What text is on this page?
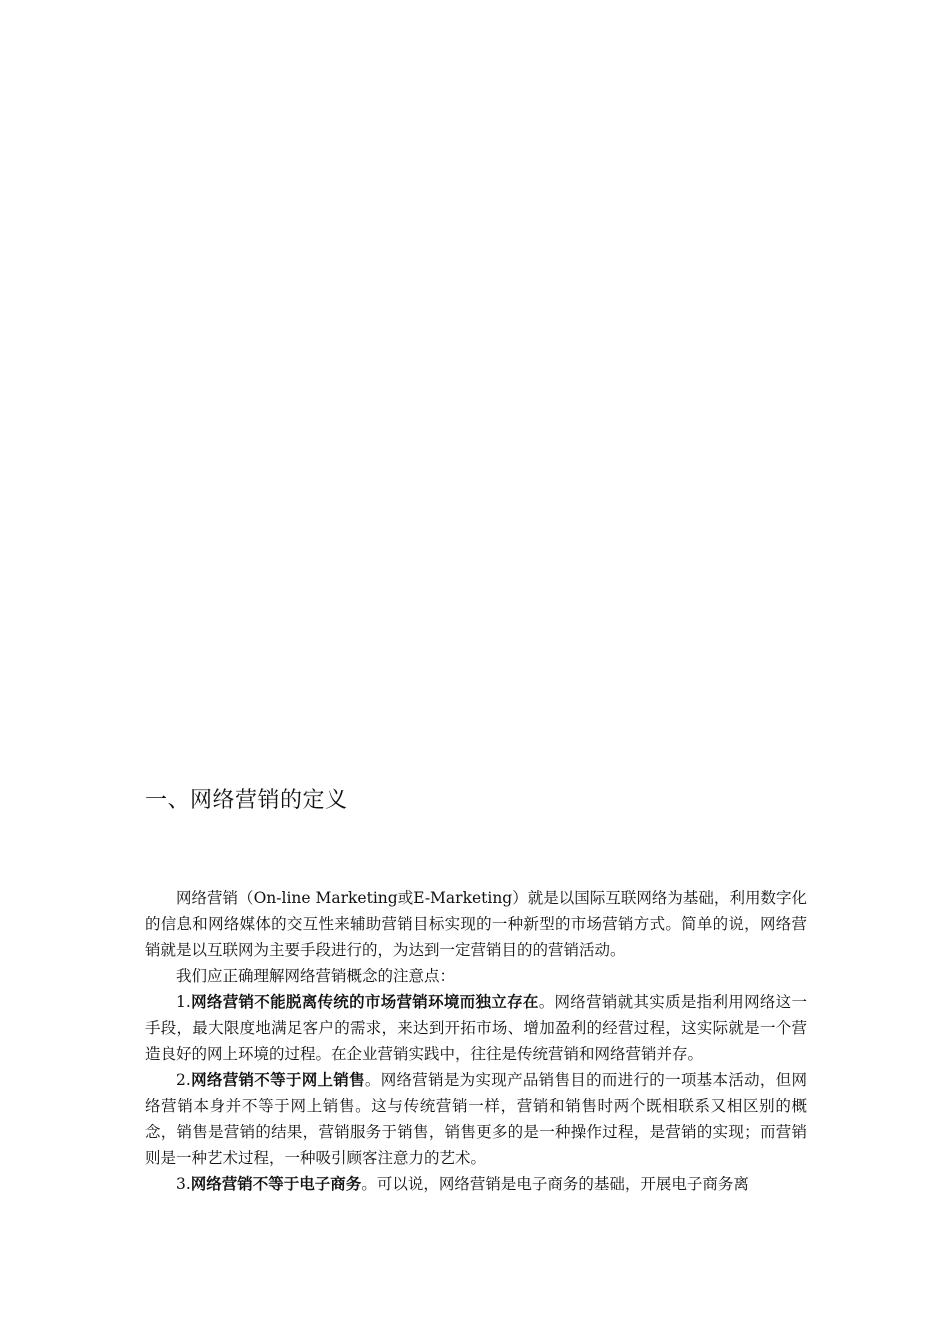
一、网络营销的定义

网络营销（On-line Marketing或E-Marketing）就是以国际互联网络为基础，利用数字化的信息和网络媒体的交互性来辅助营销目标实现的一种新型的市场营销方式。简单的说，网络营销就是以互联网为主要手段进行的，为达到一定营销目的的营销活动。

我们应正确理解网络营销概念的注意点：

1.网络营销不能脱离传统的市场营销环境而独立存在。网络营销就其实质是指利用网络这一手段，最大限度地满足客户的需求，来达到开拓市场、增加盈利的经营过程，这实际就是一个营造良好的网上环境的过程。在企业营销实践中，往往是传统营销和网络营销并存。

2.网络营销不等于网上销售。网络营销是为实现产品销售目的而进行的一项基本活动，但网络营销本身并不等于网上销售。这与传统营销一样，营销和销售时两个既相联系又相区别的概念，销售是营销的结果，营销服务于销售，销售更多的是一种操作过程，是营销的实现；而营销则是一种艺术过程，一种吸引顾客注意力的艺术。

3.网络营销不等于电子商务。可以说，网络营销是电子商务的基础，开展电子商务离
